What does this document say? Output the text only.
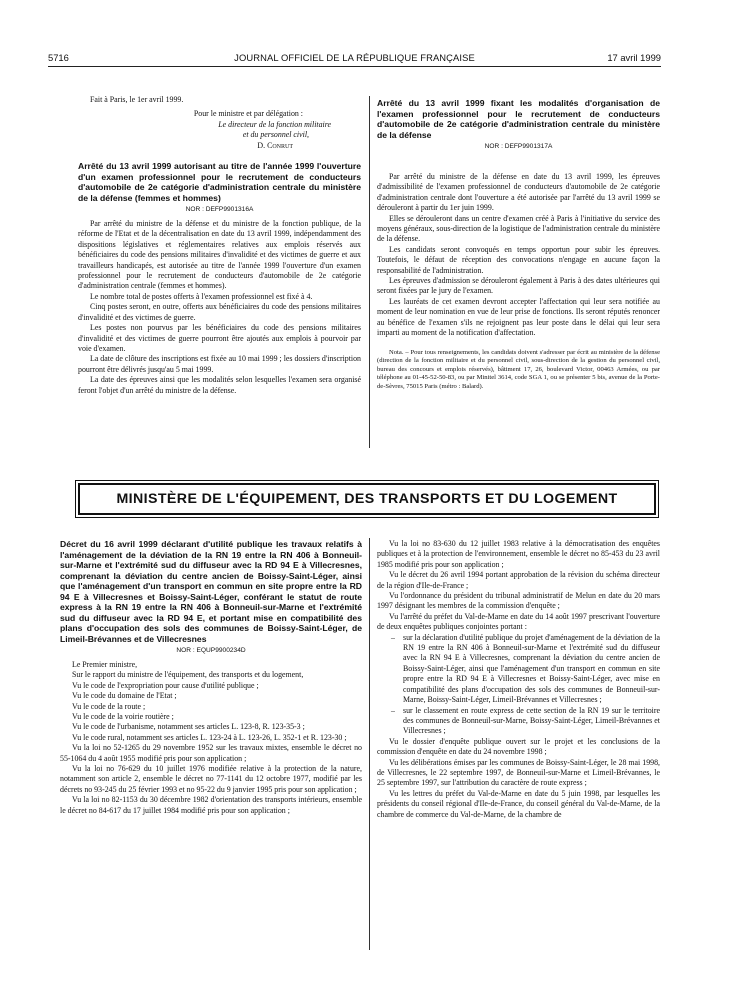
5716	JOURNAL OFFICIEL DE LA RÉPUBLIQUE FRANÇAISE	17 avril 1999

Fait à Paris, le 1er avril 1999.

Pour le ministre et par délégation :

Le directeur de la fonction militaire

et du personnel civil,

D. Conrut

Arrêté du 13 avril 1999 autorisant au titre de l'année 1999 l'ouverture d'un examen professionnel pour le recrutement de conducteurs d'automobile de 2e catégorie d'administration centrale du ministère de la défense (femmes et hommes)

NOR : DEFP9901316A

Par arrêté du ministre de la défense et du ministre de la fonction publique, de la réforme de l'Etat et de la décentralisation en date du 13 avril 1999, indépendamment des dispositions législatives et réglementaires relatives aux emplois réservés aux bénéficiaires du code des pensions militaires d'invalidité et des victimes de guerre et aux travailleurs handicapés, est autorisée au titre de l'année 1999 l'ouverture d'un examen professionnel pour le recrutement de conducteurs d'automobile de 2e catégorie d'administration centrale (femmes et hommes).

Le nombre total de postes offerts à l'examen professionnel est fixé à 4.

Cinq postes seront, en outre, offerts aux bénéficiaires du code des pensions militaires d'invalidité et des victimes de guerre.

Les postes non pourvus par les bénéficiaires du code des pensions militaires d'invalidité et des victimes de guerre pourront être ajoutés aux emplois à pourvoir par voie d'examen.

La date de clôture des inscriptions est fixée au 10 mai 1999 ; les dossiers d'inscription pourront être délivrés jusqu'au 5 mai 1999.

La date des épreuves ainsi que les modalités selon lesquelles l'examen sera organisé feront l'objet d'un arrêté du ministre de la défense.

Arrêté du 13 avril 1999 fixant les modalités d'organisation de l'examen professionnel pour le recrutement de conducteurs d'automobile de 2e catégorie d'administration centrale du ministère de la défense

NOR : DEFP9901317A

Par arrêté du ministre de la défense en date du 13 avril 1999, les épreuves d'admissibilité de l'examen professionnel de conducteurs d'automobile de 2e catégorie d'administration centrale dont l'ouverture a été autorisée par l'arrêté du 13 avril 1999 se dérouleront à partir du 1er juin 1999.

Elles se dérouleront dans un centre d'examen créé à Paris à l'initiative du service des moyens généraux, sous-direction de la logistique de l'administration centrale du ministère de la défense.

Les candidats seront convoqués en temps opportun pour subir les épreuves. Toutefois, le défaut de réception des convocations n'engage en aucune façon la responsabilité de l'administration.

Les épreuves d'admission se dérouleront également à Paris à des dates ultérieures qui seront fixées par le jury de l'examen.

Les lauréats de cet examen devront accepter l'affectation qui leur sera notifiée au moment de leur nomination en vue de leur prise de fonctions. Ils seront réputés renoncer au bénéfice de l'examen s'ils ne rejoignent pas leur poste dans le délai qui leur sera imparti au moment de la notification d'affectation.

Nota. – Pour tous renseignements, les candidats doivent s'adresser par écrit au ministère de la défense (direction de la fonction militaire et du personnel civil, sous-direction de la gestion du personnel civil, bureau des concours et emplois réservés), bâtiment 17, 26, boulevard Victor, 00463 Armées, ou par téléphone au 01-45-52-50-83, ou par Minitel 3614, code SGA 1, ou se présenter 5 bis, avenue de la Porte-de-Sèvres, 75015 Paris (métro : Balard).

MINISTÈRE DE L'ÉQUIPEMENT, DES TRANSPORTS ET DU LOGEMENT

Décret du 16 avril 1999 déclarant d'utilité publique les travaux relatifs à l'aménagement de la déviation de la RN 19 entre la RN 406 à Bonneuil-sur-Marne et l'extrémité sud du diffuseur avec la RD 94 E à Villecresnes, comprenant la déviation du centre ancien de Boissy-Saint-Léger, ainsi que l'aménagement d'un transport en commun en site propre entre la RD 94 E à Villecresnes et Boissy-Saint-Léger, conférant le statut de route express à la RN 19 entre la RN 406 à Bonneuil-sur-Marne et l'extrémité sud du diffuseur avec la RD 94 E, et portant mise en compatibilité des plans d'occupation des sols des communes de Boissy-Saint-Léger, de Limeil-Brévannes et de Villecresnes

NOR : EQUP9900234D

Le Premier ministre,

Sur le rapport du ministre de l'équipement, des transports et du logement,

Vu le code de l'expropriation pour cause d'utilité publique ;

Vu le code du domaine de l'Etat ;

Vu le code de la route ;

Vu le code de la voirie routière ;

Vu le code de l'urbanisme, notamment ses articles L. 123-8, R. 123-35-3 ;

Vu le code rural, notamment ses articles L. 123-24 à L. 123-26, L. 352-1 et R. 123-30 ;

Vu la loi no 52-1265 du 29 novembre 1952 sur les travaux mixtes, ensemble le décret no 55-1064 du 4 août 1955 modifié pris pour son application ;

Vu la loi no 76-629 du 10 juillet 1976 modifiée relative à la protection de la nature, notamment son article 2, ensemble le décret no 77-1141 du 12 octobre 1977, modifié par les décrets no 93-245 du 25 février 1993 et no 95-22 du 9 janvier 1995 pris pour son application ;

Vu la loi no 82-1153 du 30 décembre 1982 d'orientation des transports intérieurs, ensemble le décret no 84-617 du 17 juillet 1984 modifié pris pour son application ;

Vu la loi no 83-630 du 12 juillet 1983 relative à la démocratisation des enquêtes publiques et à la protection de l'environnement, ensemble le décret no 85-453 du 23 avril 1985 modifié pris pour son application ;

Vu le décret du 26 avril 1994 portant approbation de la révision du schéma directeur de la région d'Ile-de-France ;

Vu l'ordonnance du président du tribunal administratif de Melun en date du 20 mars 1997 désignant les membres de la commission d'enquête ;

Vu l'arrêté du préfet du Val-de-Marne en date du 14 août 1997 prescrivant l'ouverture de deux enquêtes publiques conjointes portant :

– sur la déclaration d'utilité publique du projet d'aménagement de la déviation de la RN 19 entre la RN 406 à Bonneuil-sur-Marne et l'extrémité sud du diffuseur avec la RN 94 E à Villecresnes, comprenant la déviation du centre ancien de Boissy-Saint-Léger, ainsi que l'aménagement d'un transport en commun en site propre entre la RD 94 E à Villecresnes et Boissy-Saint-Léger, avec mise en compatibilité des plans d'occupation des sols des communes de Bonneuil-sur-Marne, Boissy-Saint-Léger, Limeil-Brévannes et Villecresnes ;

– sur le classement en route express de cette section de la RN 19 sur le territoire des communes de Bonneuil-sur-Marne, Boissy-Saint-Léger, Limeil-Brévannes et Villecresnes ;

Vu le dossier d'enquête publique ouvert sur le projet et les conclusions de la commission d'enquête en date du 24 novembre 1998 ;

Vu les délibérations émises par les communes de Boissy-Saint-Léger, le 28 mai 1998, de Villecresnes, le 22 septembre 1997, de Bonneuil-sur-Marne et Limeil-Brévannes, le 25 septembre 1997, sur l'attribution du caractère de route express ;

Vu les lettres du préfet du Val-de-Marne en date du 5 juin 1998, par lesquelles les présidents du conseil régional d'Ile-de-France, du conseil général du Val-de-Marne, de la chambre de commerce du Val-de-Marne, de la chambre de
